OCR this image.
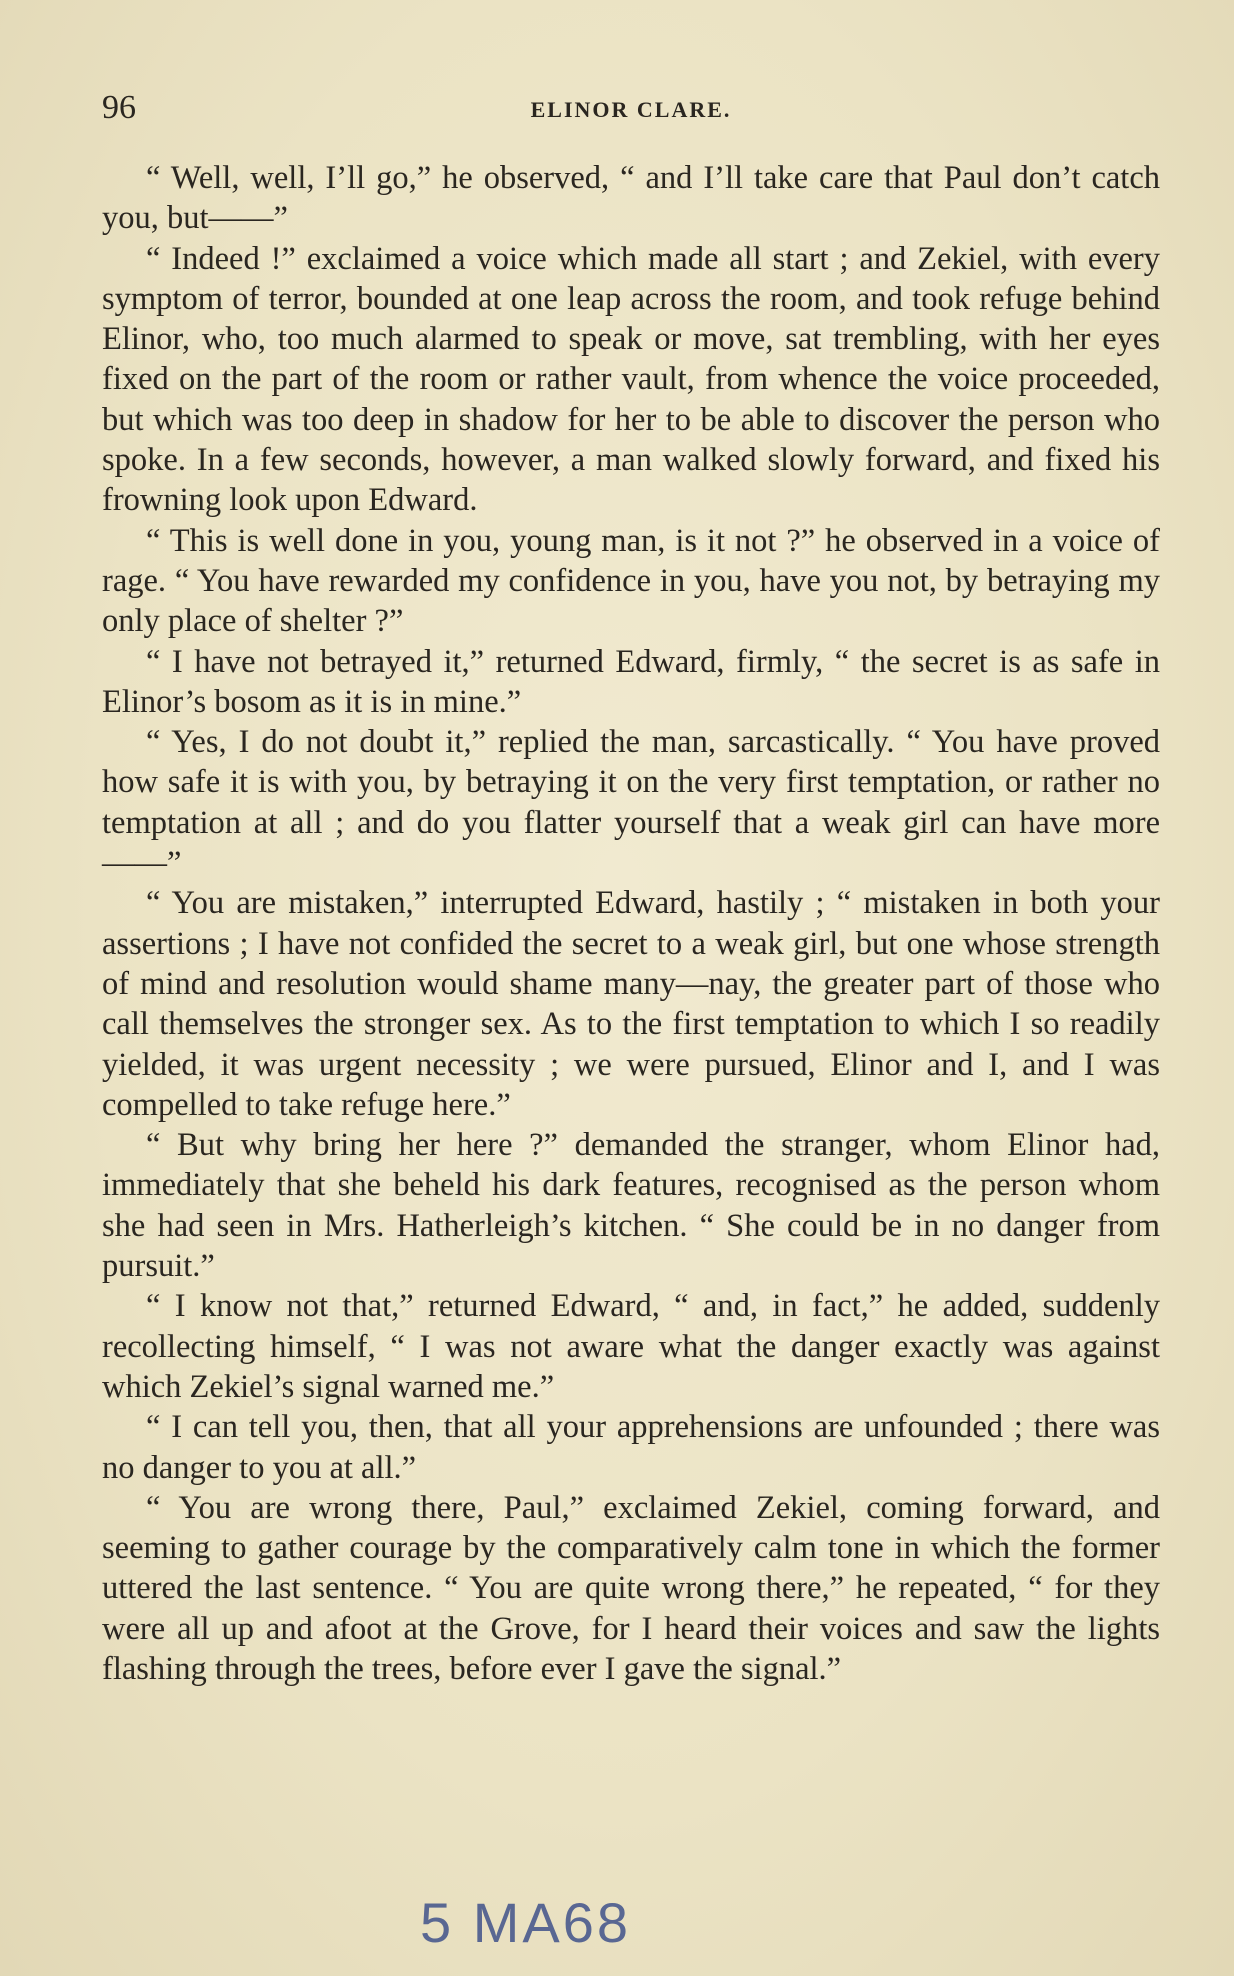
96	ELINOR CLARE.

“ Well, well, I’ll go,” he observed, “ and I’ll take care that Paul don’t catch you, but——”

“ Indeed !” exclaimed a voice which made all start ; and Zekiel, with every symptom of terror, bounded at one leap across the room, and took refuge behind Elinor, who, too much alarmed to speak or move, sat trembling, with her eyes fixed on the part of the room or rather vault, from whence the voice proceeded, but which was too deep in shadow for her to be able to discover the person who spoke. In a few seconds, however, a man walked slowly forward, and fixed his frowning look upon Edward.

“ This is well done in you, young man, is it not ?” he observed in a voice of rage. “ You have rewarded my confidence in you, have you not, by betraying my only place of shelter ?”

“ I have not betrayed it,” returned Edward, firmly, “ the secret is as safe in Elinor’s bosom as it is in mine.”

“ Yes, I do not doubt it,” replied the man, sarcastically. “ You have proved how safe it is with you, by betraying it on the very first temptation, or rather no temptation at all ; and do you flatter yourself that a weak girl can have more——”

“ You are mistaken,” interrupted Edward, hastily ; “ mistaken in both your assertions ; I have not confided the secret to a weak girl, but one whose strength of mind and resolution would shame many—nay, the greater part of those who call themselves the stronger sex. As to the first temptation to which I so readily yielded, it was urgent necessity ; we were pursued, Elinor and I, and I was compelled to take refuge here.”

“ But why bring her here ?” demanded the stranger, whom Elinor had, immediately that she beheld his dark features, recognised as the person whom she had seen in Mrs. Hatherleigh’s kitchen. “ She could be in no danger from pursuit.”

“ I know not that,” returned Edward, “ and, in fact,” he added, suddenly recollecting himself, “ I was not aware what the danger exactly was against which Zekiel’s signal warned me.”

“ I can tell you, then, that all your apprehensions are unfounded ; there was no danger to you at all.”

“ You are wrong there, Paul,” exclaimed Zekiel, coming forward, and seeming to gather courage by the comparatively calm tone in which the former uttered the last sentence. “ You are quite wrong there,” he repeated, “ for they were all up and afoot at the Grove, for I heard their voices and saw the lights flashing through the trees, before ever I gave the signal.”

5 MA68
